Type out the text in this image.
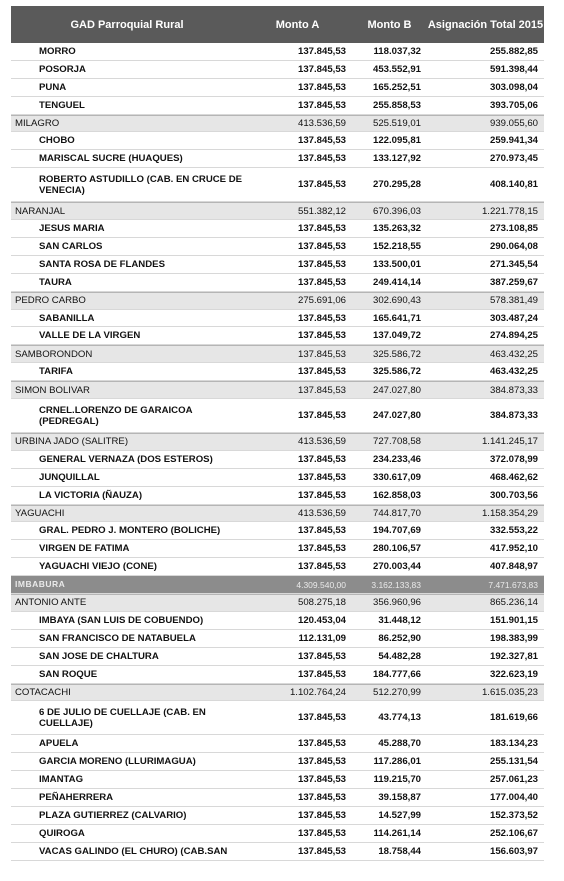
GAD Parroquial Rural	Monto A	Monto B	Asignación Total 2015
MORRO	137.845,53	118.037,32	255.882,85
POSORJA	137.845,53	453.552,91	591.398,44
PUNA	137.845,53	165.252,51	303.098,04
TENGUEL	137.845,53	255.858,53	393.705,06
MILAGRO	413.536,59	525.519,01	939.055,60
CHOBO	137.845,53	122.095,81	259.941,34
MARISCAL SUCRE (HUAQUES)	137.845,53	133.127,92	270.973,45
ROBERTO ASTUDILLO (CAB. EN CRUCE DE VENECIA)	137.845,53	270.295,28	408.140,81
NARANJAL	551.382,12	670.396,03	1.221.778,15
JESUS MARIA	137.845,53	135.263,32	273.108,85
SAN CARLOS	137.845,53	152.218,55	290.064,08
SANTA ROSA DE FLANDES	137.845,53	133.500,01	271.345,54
TAURA	137.845,53	249.414,14	387.259,67
PEDRO CARBO	275.691,06	302.690,43	578.381,49
SABANILLA	137.845,53	165.641,71	303.487,24
VALLE DE LA VIRGEN	137.845,53	137.049,72	274.894,25
SAMBORONDON	137.845,53	325.586,72	463.432,25
TARIFA	137.845,53	325.586,72	463.432,25
SIMON BOLIVAR	137.845,53	247.027,80	384.873,33
CRNEL.LORENZO DE GARAICOA (PEDREGAL)	137.845,53	247.027,80	384.873,33
URBINA JADO (SALITRE)	413.536,59	727.708,58	1.141.245,17
GENERAL VERNAZA (DOS ESTEROS)	137.845,53	234.233,46	372.078,99
JUNQUILLAL	137.845,53	330.617,09	468.462,62
LA VICTORIA (ÑAUZA)	137.845,53	162.858,03	300.703,56
YAGUACHI	413.536,59	744.817,70	1.158.354,29
GRAL. PEDRO J. MONTERO (BOLICHE)	137.845,53	194.707,69	332.553,22
VIRGEN DE FATIMA	137.845,53	280.106,57	417.952,10
YAGUACHI VIEJO (CONE)	137.845,53	270.003,44	407.848,97
IMBABURA	4.309.540,00	3.162.133,83	7.471.673,83
ANTONIO ANTE	508.275,18	356.960,96	865.236,14
IMBAYA (SAN LUIS DE COBUENDO)	120.453,04	31.448,12	151.901,15
SAN FRANCISCO DE NATABUELA	112.131,09	86.252,90	198.383,99
SAN JOSE DE CHALTURA	137.845,53	54.482,28	192.327,81
SAN ROQUE	137.845,53	184.777,66	322.623,19
COTACACHI	1.102.764,24	512.270,99	1.615.035,23
6 DE JULIO DE CUELLAJE (CAB. EN CUELLAJE)	137.845,53	43.774,13	181.619,66
APUELA	137.845,53	45.288,70	183.134,23
GARCIA MORENO (LLURIMAGUA)	137.845,53	117.286,01	255.131,54
IMANTAG	137.845,53	119.215,70	257.061,23
PEÑAHERRERA	137.845,53	39.158,87	177.004,40
PLAZA GUTIERREZ (CALVARIO)	137.845,53	14.527,99	152.373,52
QUIROGA	137.845,53	114.261,14	252.106,67
VACAS GALINDO (EL CHURO) (CAB.SAN	137.845,53	18.758,44	156.603,97
